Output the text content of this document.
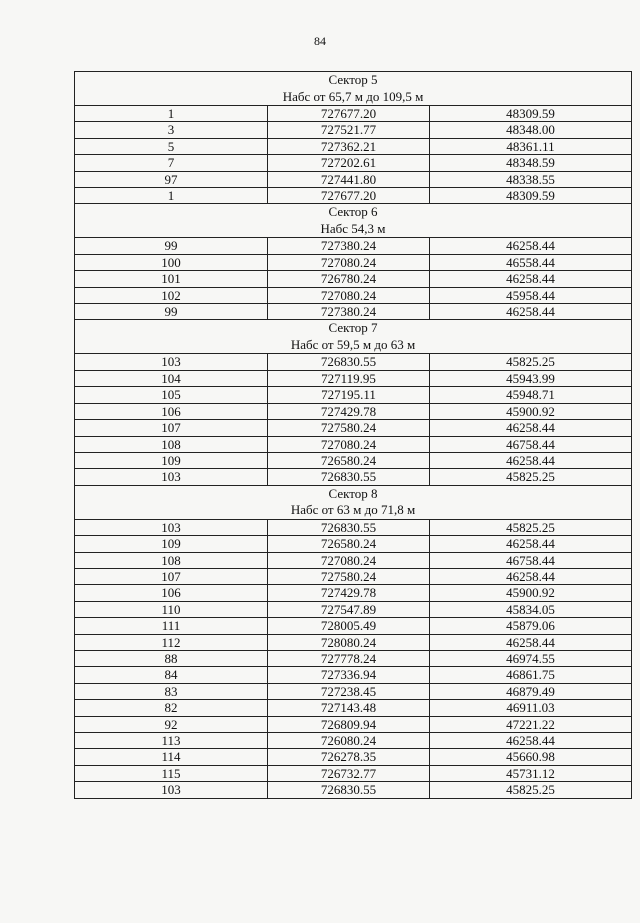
84
Сектор 5
Набс от 65,7 м до 109,5 м		

1	727677.20	48309.59
3	727521.77	48348.00
5	727362.21	48361.11
7	727202.61	48348.59
97	727441.80	48338.55
1	727677.20	48309.59

Сектор 6
Набс 54,3 м		

99	727380.24	46258.44
100	727080.24	46558.44
101	726780.24	46258.44
102	727080.24	45958.44
99	727380.24	46258.44

Сектор 7
Набс от 59,5 м до 63 м		

103	726830.55	45825.25
104	727119.95	45943.99
105	727195.11	45948.71
106	727429.78	45900.92
107	727580.24	46258.44
108	727080.24	46758.44
109	726580.24	46258.44
103	726830.55	45825.25

Сектор 8
Набс от 63 м до 71,8 м		

103	726830.55	45825.25
109	726580.24	46258.44
108	727080.24	46758.44
107	727580.24	46258.44
106	727429.78	45900.92
110	727547.89	45834.05
111	728005.49	45879.06
112	728080.24	46258.44
88	727778.24	46974.55
84	727336.94	46861.75
83	727238.45	46879.49
82	727143.48	46911.03
92	726809.94	47221.22
113	726080.24	46258.44
114	726278.35	45660.98
115	726732.77	45731.12
103	726830.55	45825.25
